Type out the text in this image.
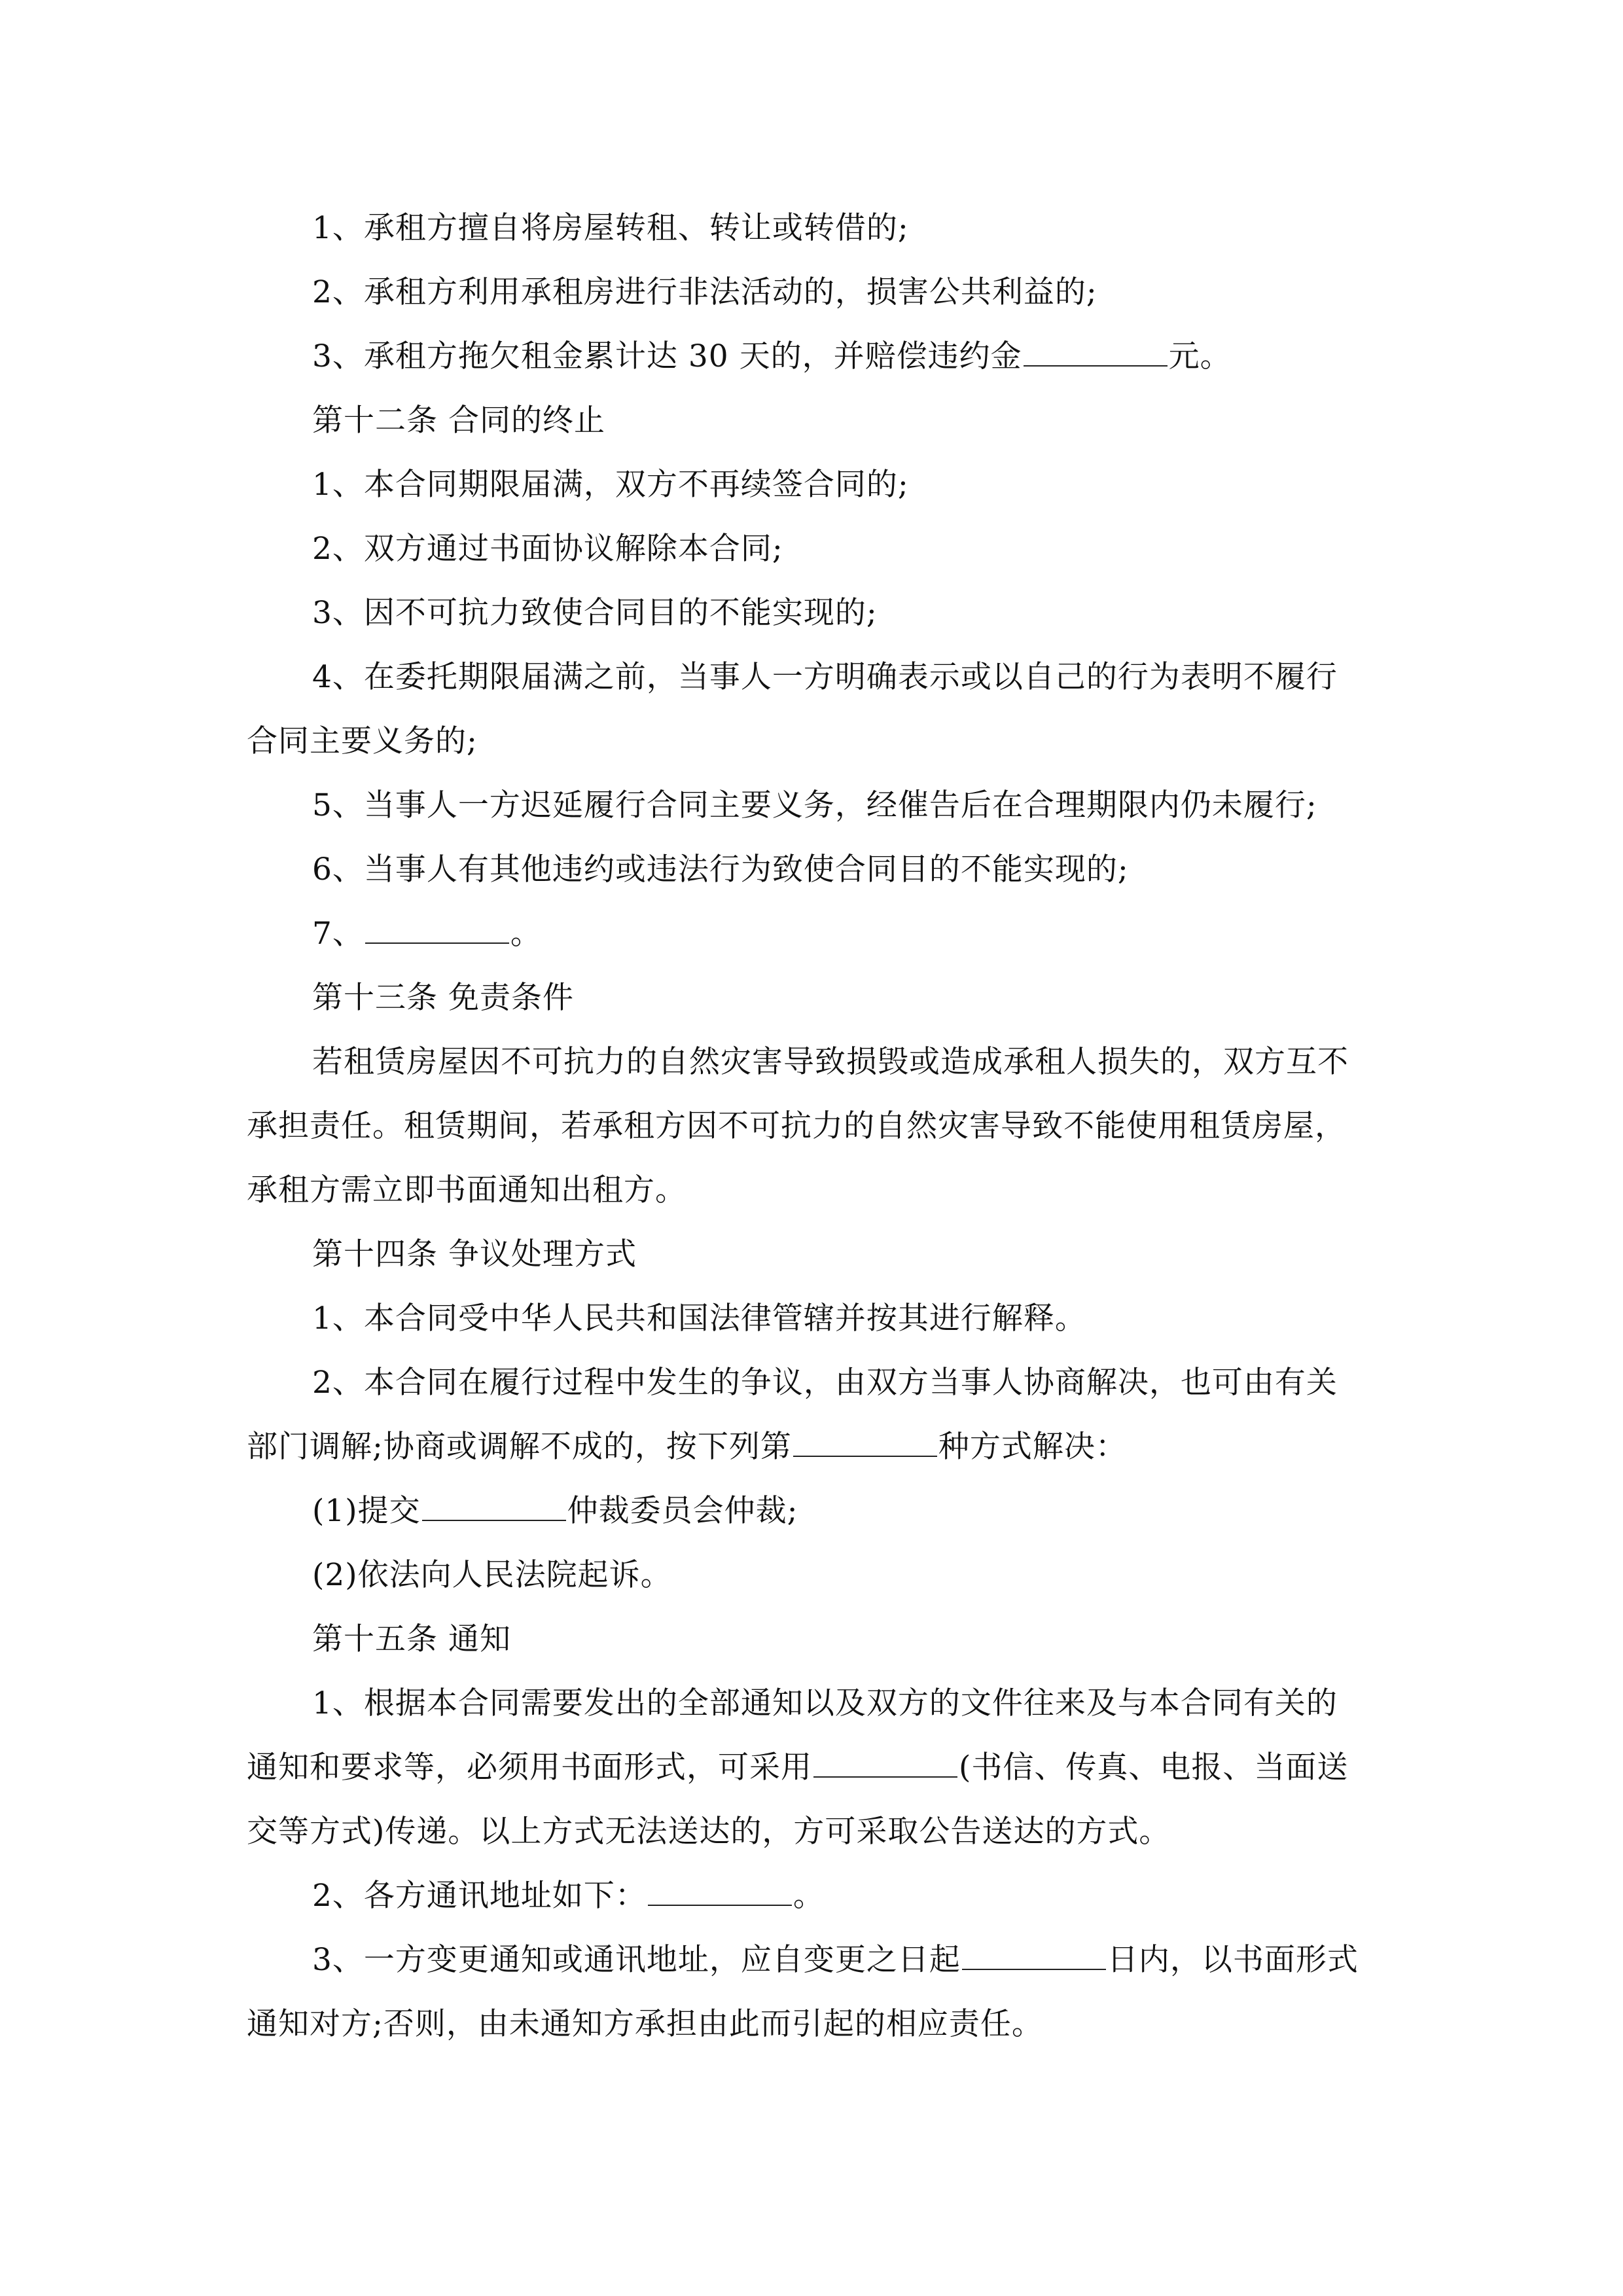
1、承租方擅自将房屋转租、转让或转借的;
2、承租方利用承租房进行非法活动的，损害公共利益的;
3、承租方拖欠租金累计达 30 天的，并赔偿违约金	元。
第十二条 合同的终止
1、本合同期限届满，双方不再续签合同的;
2、双方通过书面协议解除本合同;
3、因不可抗力致使合同目的不能实现的;
4、在委托期限届满之前，当事人一方明确表示或以自己的行为表明不履行
合同主要义务的;
5、当事人一方迟延履行合同主要义务，经催告后在合理期限内仍未履行;
6、当事人有其他违约或违法行为致使合同目的不能实现的;
7、	。
第十三条 免责条件
若租赁房屋因不可抗力的自然灾害导致损毁或造成承租人损失的，双方互不
承担责任。租赁期间，若承租方因不可抗力的自然灾害导致不能使用租赁房屋，
承租方需立即书面通知出租方。
第十四条 争议处理方式
1、本合同受中华人民共和国法律管辖并按其进行解释。
2、本合同在履行过程中发生的争议，由双方当事人协商解决，也可由有关
部门调解;协商或调解不成的，按下列第	种方式解决：
(1)提交	仲裁委员会仲裁;
(2)依法向人民法院起诉。
第十五条 通知
1、根据本合同需要发出的全部通知以及双方的文件往来及与本合同有关的
通知和要求等，必须用书面形式，可采用	(书信、传真、电报、当面送
交等方式)传递。以上方式无法送达的，方可采取公告送达的方式。
2、各方通讯地址如下：	。
3、一方变更通知或通讯地址，应自变更之日起	日内，以书面形式
通知对方;否则，由未通知方承担由此而引起的相应责任。
